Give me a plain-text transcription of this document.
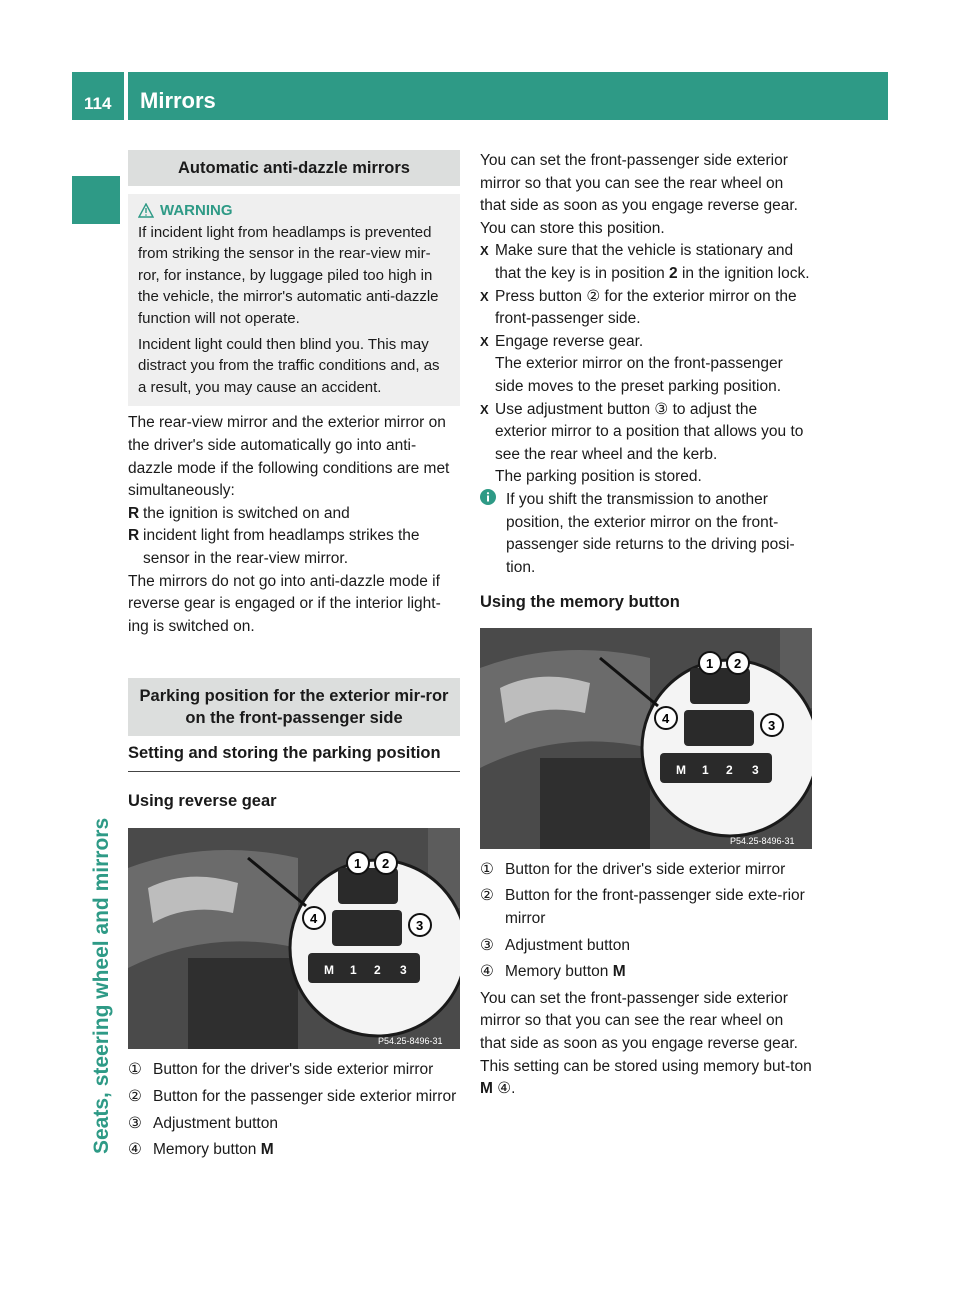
114 Mirrors
Seats, steering wheel and mirrors
Automatic anti-dazzle mirrors
WARNING

If incident light from headlamps is prevented from striking the sensor in the rear-view mir-ror, for instance, by luggage piled too high in the vehicle, the mirror's automatic anti-dazzle function will not operate.

Incident light could then blind you. This may distract you from the traffic conditions and, as a result, you may cause an accident.

The rear-view mirror and the exterior mirror on the driver's side automatically go into anti-dazzle mode if the following conditions are met simultaneously:

R the ignition is switched on and
R incident light from headlamps strikes the sensor in the rear-view mirror.

The mirrors do not go into anti-dazzle mode if reverse gear is engaged or if the interior light-ing is switched on.

Parking position for the exterior mir-ror on the front-passenger side
Setting and storing the parking position
Using reverse gear
M 1 2 3
1 2
3
4
P54.25-8496-31
① Button for the driver's side exterior mirror
② Button for the passenger side exterior mirror
③ Adjustment button
④ Memory button M

You can set the front-passenger side exterior mirror so that you can see the rear wheel on that side as soon as you engage reverse gear. You can store this position.

X Make sure that the vehicle is stationary and that the key is in position 2 in the ignition lock.
X Press button ② for the exterior mirror on the front-passenger side.
X Engage reverse gear.
The exterior mirror on the front-passenger side moves to the preset parking position.
X Use adjustment button ③ to adjust the exterior mirror to a position that allows you to see the rear wheel and the kerb.
The parking position is stored.
If you shift the transmission to another position, the exterior mirror on the front-passenger side returns to the driving posi-tion.
Using the memory button
M 1 2 3
1 2
3
4
P54.25-8496-31
① Button for the driver's side exterior mirror
② Button for the front-passenger side exte-rior mirror
③ Adjustment button
④ Memory button M

You can set the front-passenger side exterior mirror so that you can see the rear wheel on that side as soon as you engage reverse gear. This setting can be stored using memory but-ton M ④.
